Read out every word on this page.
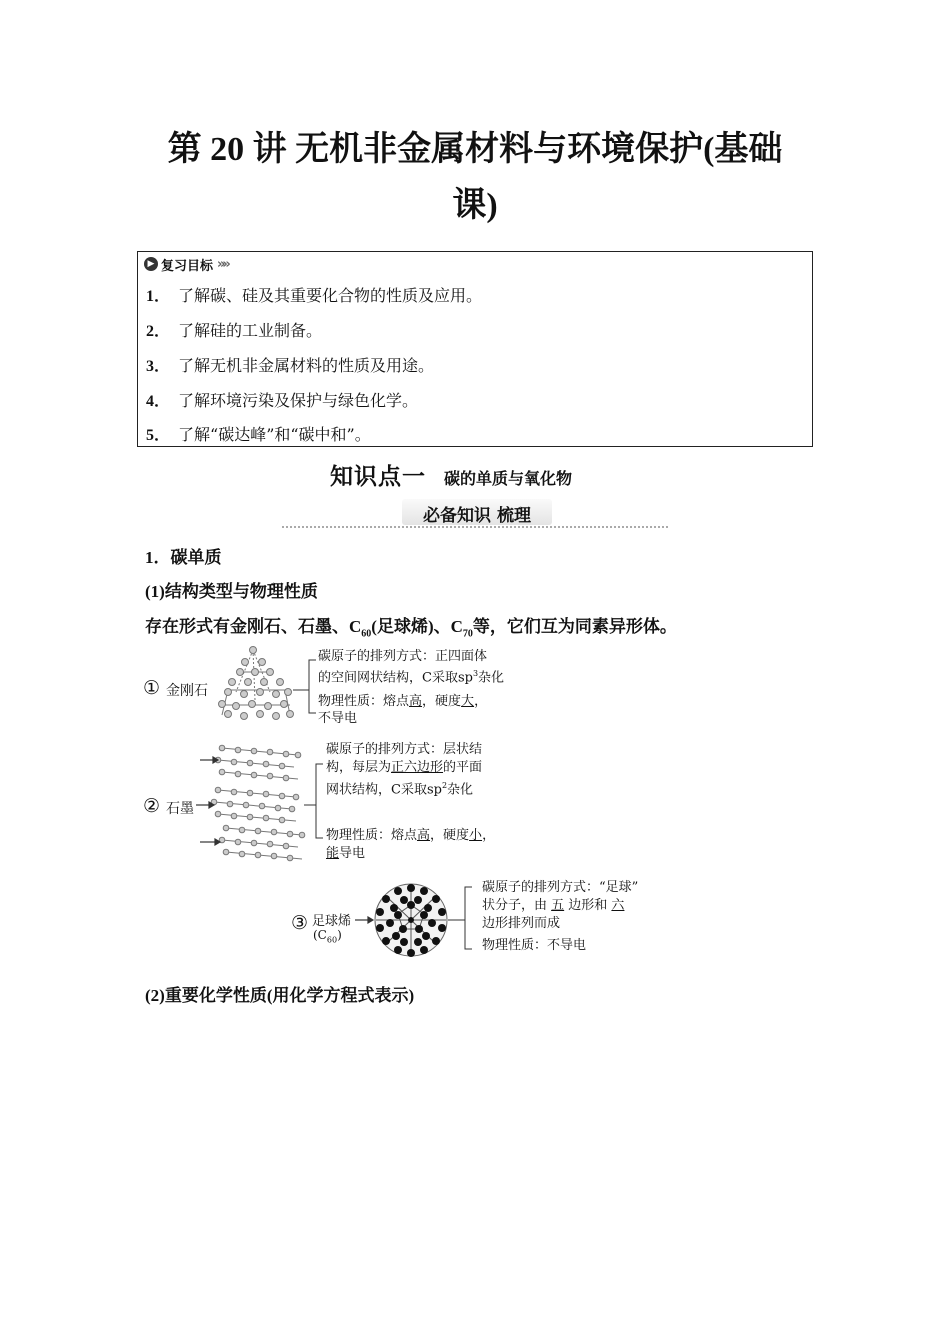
第 20 讲 无机非金属材料与环境保护(基础
课)
▶ 复习目标 »»
1． 了解碳、硅及其重要化合物的性质及应用。
2． 了解硅的工业制备。
3． 了解无机非金属材料的性质及用途。
4． 了解环境污染及保护与绿色化学。
5． 了解“碳达峰”和“碳中和”。
知识点一 碳的单质与氧化物
必备知识 梳理
1．碳单质
(1)结构类型与物理性质
存在形式有金刚石、石墨、$C_{60}$(足球烯)、$C_{70}$等，它们互为同素异形体。
① 金刚石
碳原子的排列方式：正四面体
的空间网状结构，C采取$sp^3$杂化
物理性质：熔点高，硬度大，
不导电
② 石墨
碳原子的排列方式：层状结
构，每层为正六边形的平面
网状结构，C采取$sp^2$杂化
物理性质：熔点高，硬度小，
能导电
③ 足球烯
$(C_{60})$
碳原子的排列方式：“足球”
状分子，由 五 边形和 六
边形排列而成
物理性质：不导电
(2)重要化学性质(用化学方程式表示)
